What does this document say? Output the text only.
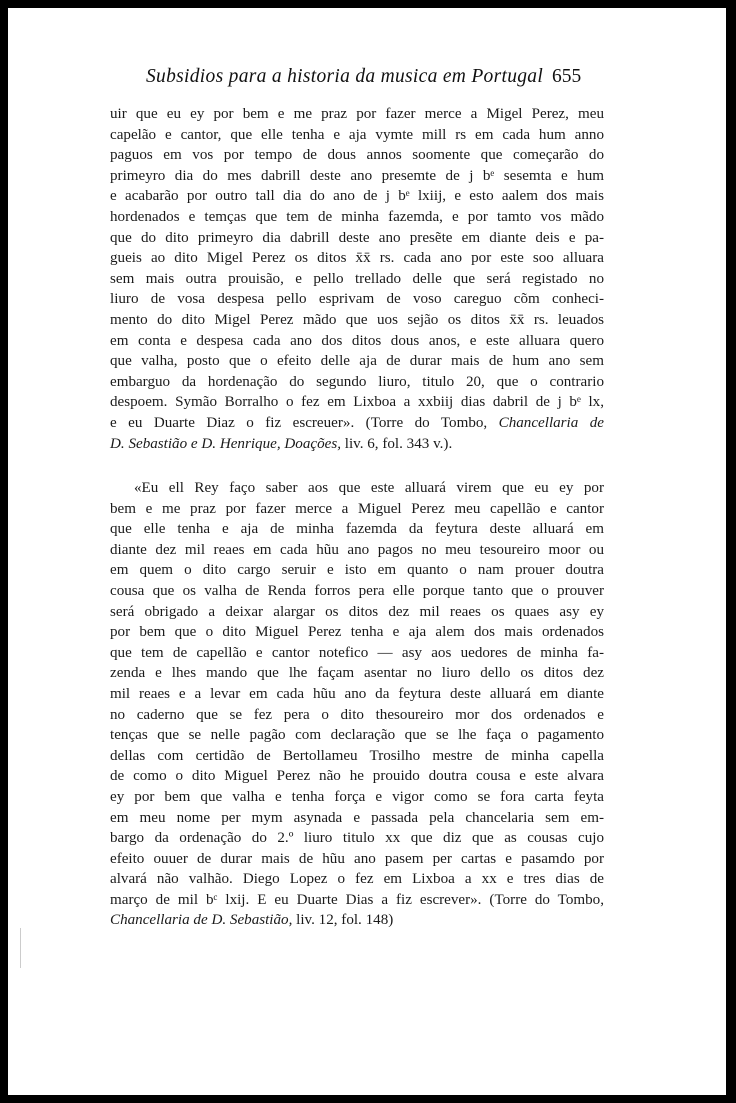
Subsidios para a historia da musica em Portugal 655
uir que eu ey por bem e me praz por fazer merce a Migel Perez, meu
capelão e cantor, que elle tenha e aja vymte mill rs em cada hum anno
paguos em vos por tempo de dous annos soomente que começarão do
primeyro dia do mes dabrill deste ano presemte de j bᵉ sesemta e hum
e acabarão por outro tall dia do ano de j bᵉ lxiij, e esto aalem dos mais
hordenados e temças que tem de minha fazemda, e por tamto vos mãdo
que do dito primeyro dia dabrill deste ano presẽte em diante deis e pa-
gueis ao dito Migel Perez os ditos x̄x̄ rs. cada ano por este soo alluara
sem mais outra prouisão, e pello trellado delle que será registado no
liuro de vosa despesa pello esprivam de voso careguo cõm conheci-
mento do dito Migel Perez mãdo que uos sejão os ditos x̄x̄ rs. leuados
em conta e despesa cada ano dos ditos dous anos, e este alluara quero
que valha, posto que o efeito delle aja de durar mais de hum ano sem
embarguo da hordenação do segundo liuro, titulo 20, que o contrario
despoem. Symão Borralho o fez em Lixboa a xxbiij dias dabril de j bᵉ lx,
e eu Duarte Diaz o fiz escreuer». (Torre do Tombo, Chancellaria de
D. Sebastião e D. Henrique, Doações, liv. 6, fol. 343 v.).
«Eu ell Rey faço saber aos que este alluará virem que eu ey por
bem e me praz por fazer merce a Miguel Perez meu capellão e cantor
que elle tenha e aja de minha fazemda da feytura deste alluará em
diante dez mil reaes em cada hũu ano pagos no meu tesoureiro moor ou
em quem o dito cargo seruir e isto em quanto o nam prouer doutra
cousa que os valha de Renda forros pera elle porque tanto que o prouver
será obrigado a deixar alargar os ditos dez mil reaes os quaes asy ey
por bem que o dito Miguel Perez tenha e aja alem dos mais ordenados
que tem de capellão e cantor notefico — asy aos uedores de minha fa-
zenda e lhes mando que lhe façam asentar no liuro dello os ditos dez
mil reaes e a levar em cada hũu ano da feytura deste alluará em diante
no caderno que se fez pera o dito thesoureiro mor dos ordenados e
tenças que se nelle pagão com declaração que se lhe faça o pagamento
dellas com certidão de Bertollameu Trosilho mestre de minha capella
de como o dito Miguel Perez não he prouido doutra cousa e este alvara
ey por bem que valha e tenha força e vigor como se fora carta feyta
em meu nome per mym asynada e passada pela chancelaria sem em-
bargo da ordenação do 2.º liuro titulo xx que diz que as cousas cujo
efeito ouuer de durar mais de hũu ano pasem per cartas e pasamdo por
alvará não valhão. Diego Lopez o fez em Lixboa a xx e tres dias de
março de mil bᶜ lxij. E eu Duarte Dias a fiz escrever». (Torre do Tombo,
Chancellaria de D. Sebastião, liv. 12, fol. 148)
